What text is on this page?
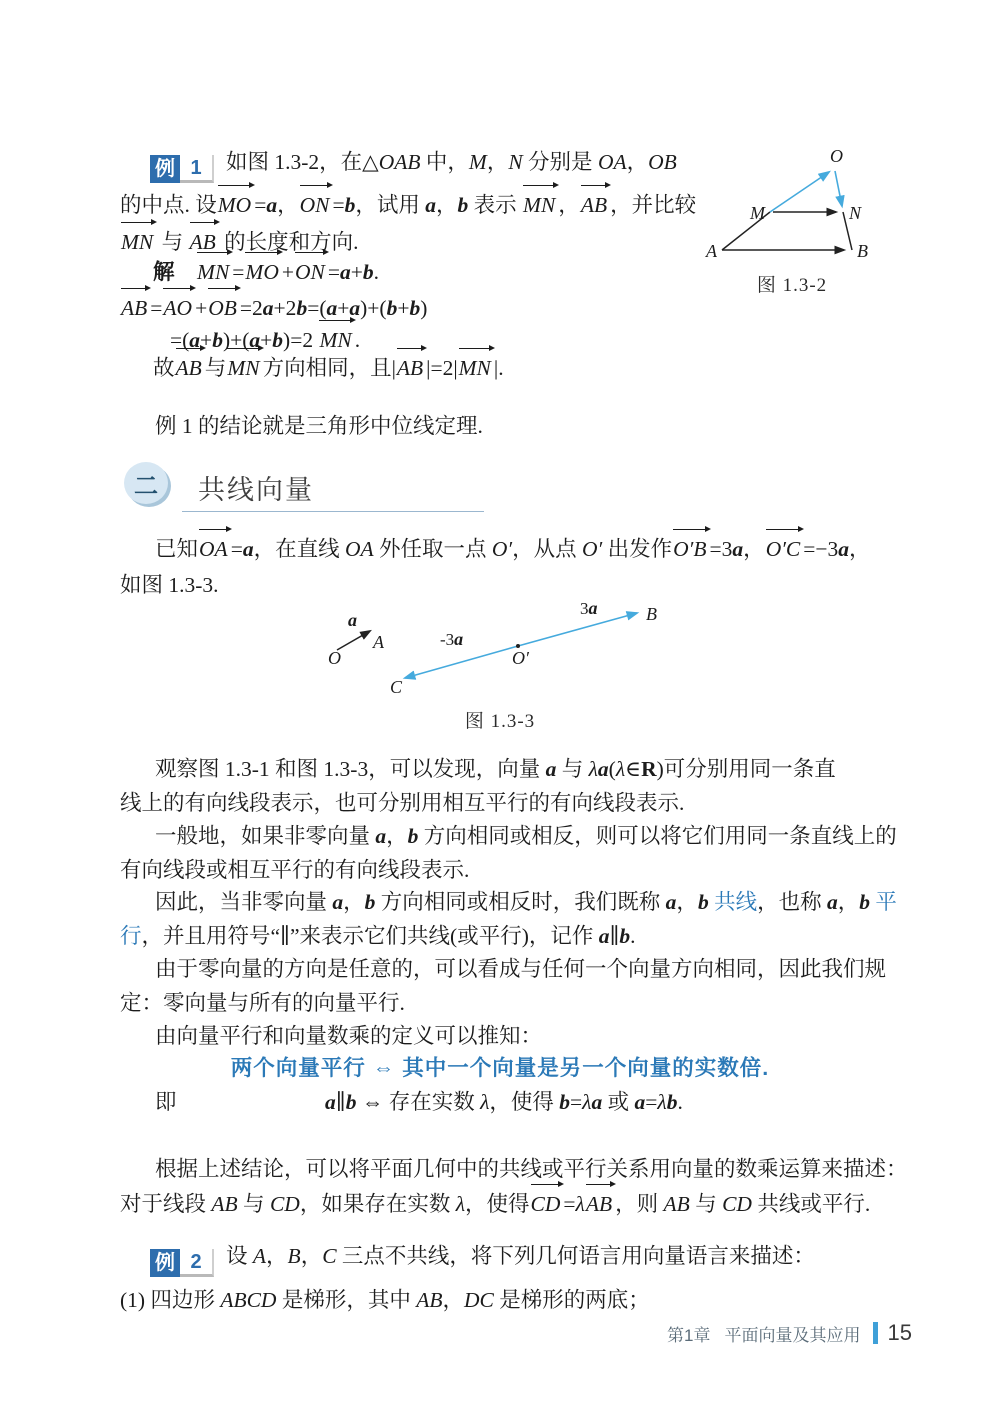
例 1	如图 1.3-2，在△OAB 中，M，N 分别是 OA，OB
的中点. 设MO =a，ON =b，试用 a，b 表示 MN ，AB ，并比较
MN 与 AB 的长度和方向.
解　 MN =MO +ON =a+b.
AB =AO +OB =2a+2b=(a+a)+(b+b)
=(a+b)+(a+b)=2 MN .
故AB 与MN 方向相同，且|AB |=2|MN |.
例 1 的结论就是三角形中位线定理.
O
M	N
A	B
图 1.3-2
二	共线向量
已知OA =a，在直线 OA 外任取一点 O′，从点 O′ 出发作O′B =3a，O′C =−3a，
如图 1.3-3.
a
O
A	-3a
3a
O′
B
C
图 1.3-3
观察图 1.3-1 和图 1.3-3，可以发现，向量 a 与 λa(λ∈R)可分别用同一条直
线上的有向线段表示，也可分别用相互平行的有向线段表示.
一般地，如果非零向量 a，b 方向相同或相反，则可以将它们用同一条直线上的
有向线段或相互平行的有向线段表示.
因此，当非零向量 a，b 方向相同或相反时，我们既称 a，b 共线，也称 a，b 平
行，并且用符号“∥”来表示它们共线(或平行)，记作 a∥b.
由于零向量的方向是任意的，可以看成与任何一个向量方向相同，因此我们规
定：零向量与所有的向量平行.
由向量平行和向量数乘的定义可以推知：
两个向量平行 ⇔ 其中一个向量是另一个向量的实数倍.
即	a∥b ⇔ 存在实数 λ，使得 b=λa 或 a=λb.
根据上述结论，可以将平面几何中的共线或平行关系用向量的数乘运算来描述：
对于线段 AB 与 CD，如果存在实数 λ，使得CD =λAB ，则 AB 与 CD 共线或平行.
例 2	设 A，B，C 三点不共线，将下列几何语言用向量语言来描述：
(1) 四边形 ABCD 是梯形，其中 AB，DC 是梯形的两底；
第1章 平面向量及其应用 15
